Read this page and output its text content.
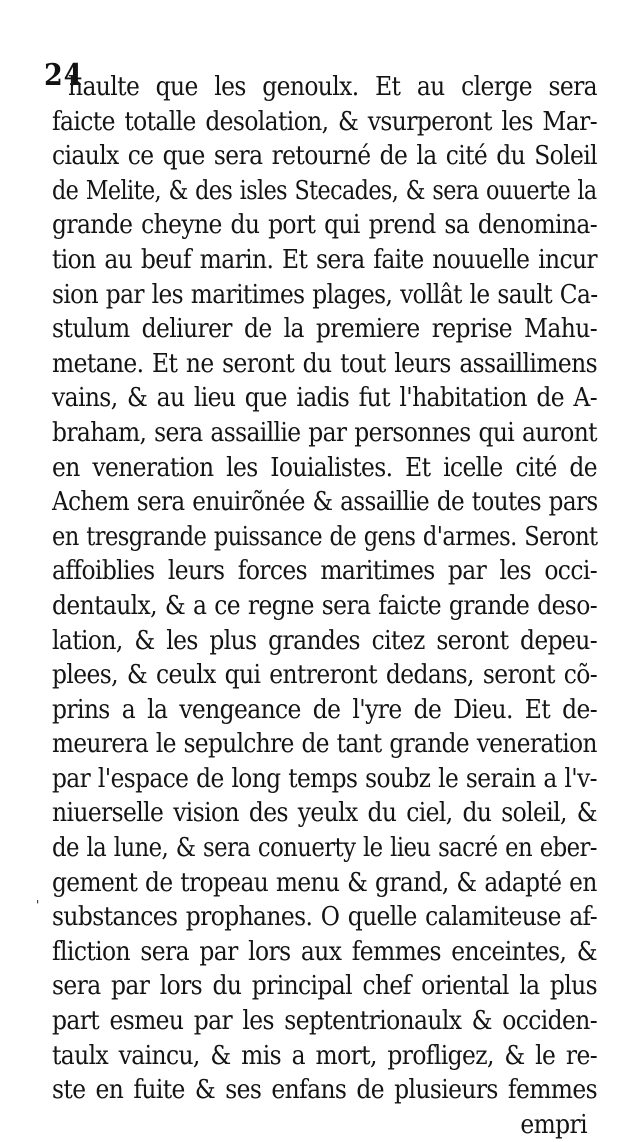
24
haulte que les genoulx. Et au clerge sera
faicte totalle desolation, & vsurperont les Mar-
ciaulx ce que sera retourné de la cité du Soleil
de Melite, & des isles Stecades, & sera ouuerte la
grande cheyne du port qui prend sa denomina-
tion au beuf marin. Et sera faite nouuelle incur
sion par les maritimes plages, vollât le sault Ca-
stulum deliurer de la premiere reprise Mahu-
metane. Et ne seront du tout leurs assaillimens
vains, & au lieu que iadis fut l'habitation de A-
braham, sera assaillie par personnes qui auront
en veneration les Iouialistes. Et icelle cité de
Achem sera enuirõnée & assaillie de toutes pars
en tresgrande puissance de gens d'armes. Seront
affoiblies leurs forces maritimes par les occi-
dentaulx, & a ce regne sera faicte grande deso-
lation, & les plus grandes citez seront depeu-
plees, & ceulx qui entreront dedans, seront cõ-
prins a la vengeance de l'yre de Dieu. Et de-
meurera le sepulchre de tant grande veneration
par l'espace de long temps soubz le serain a l'v-
niuerselle vision des yeulx du ciel, du soleil, &
de la lune, & sera conuerty le lieu sacré en eber-
gement de tropeau menu & grand, & adapté en
substances prophanes. O quelle calamiteuse af-
fliction sera par lors aux femmes enceintes, &
sera par lors du principal chef oriental la plus
part esmeu par les septentrionaulx & occiden-
taulx vaincu, & mis a mort, profligez, & le re-
ste en fuite & ses enfans de plusieurs femmes
empri
'
